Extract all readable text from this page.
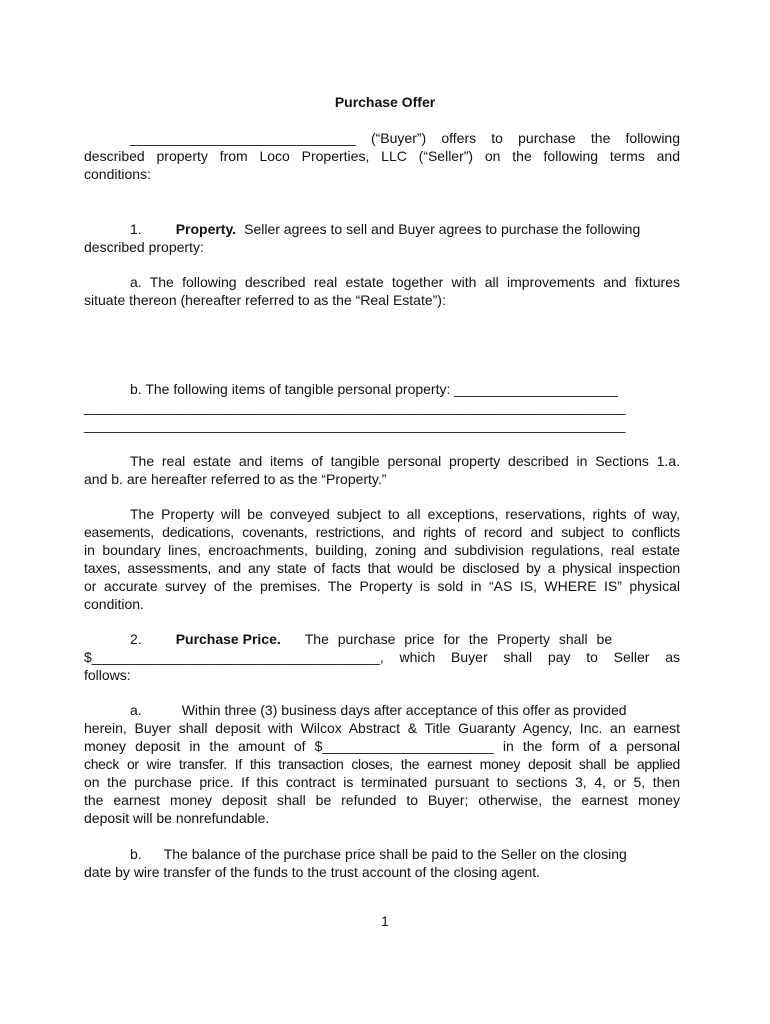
Purchase Offer
_____________________________ (“Buyer”) offers to purchase the following
described property from Loco Properties, LLC (“Seller”) on the following terms and
conditions:
1. Property. Seller agrees to sell and Buyer agrees to purchase the following
described property:
a. The following described real estate together with all improvements and fixtures
situate thereon (hereafter referred to as the “Real Estate”):
b. The following items of tangible personal property: _____________________
___________________________________________________________________
___________________________________________________________________
The real estate and items of tangible personal property described in Sections 1.a.
and b. are hereafter referred to as the “Property.”
The Property will be conveyed subject to all exceptions, reservations, rights of way,
easements, dedications, covenants, restrictions, and rights of record and subject to conflicts
in boundary lines, encroachments, building, zoning and subdivision regulations, real estate
taxes, assessments, and any state of facts that would be disclosed by a physical inspection
or accurate survey of the premises. The Property is sold in “AS IS, WHERE IS” physical
condition.
2. Purchase Price. The purchase price for the Property shall be
$_____________________________________, which Buyer shall pay to Seller as
follows:
a.	Within three (3) business days after acceptance of this offer as provided
herein, Buyer shall deposit with Wilcox Abstract & Title Guaranty Agency, Inc. an earnest
money deposit in the amount of $______________________ in the form of a personal
check or wire transfer. If this transaction closes, the earnest money deposit shall be applied
on the purchase price. If this contract is terminated pursuant to sections 3, 4, or 5, then
the earnest money deposit shall be refunded to Buyer; otherwise, the earnest money
deposit will be nonrefundable.
b. The balance of the purchase price shall be paid to the Seller on the closing
date by wire transfer of the funds to the trust account of the closing agent.
1
